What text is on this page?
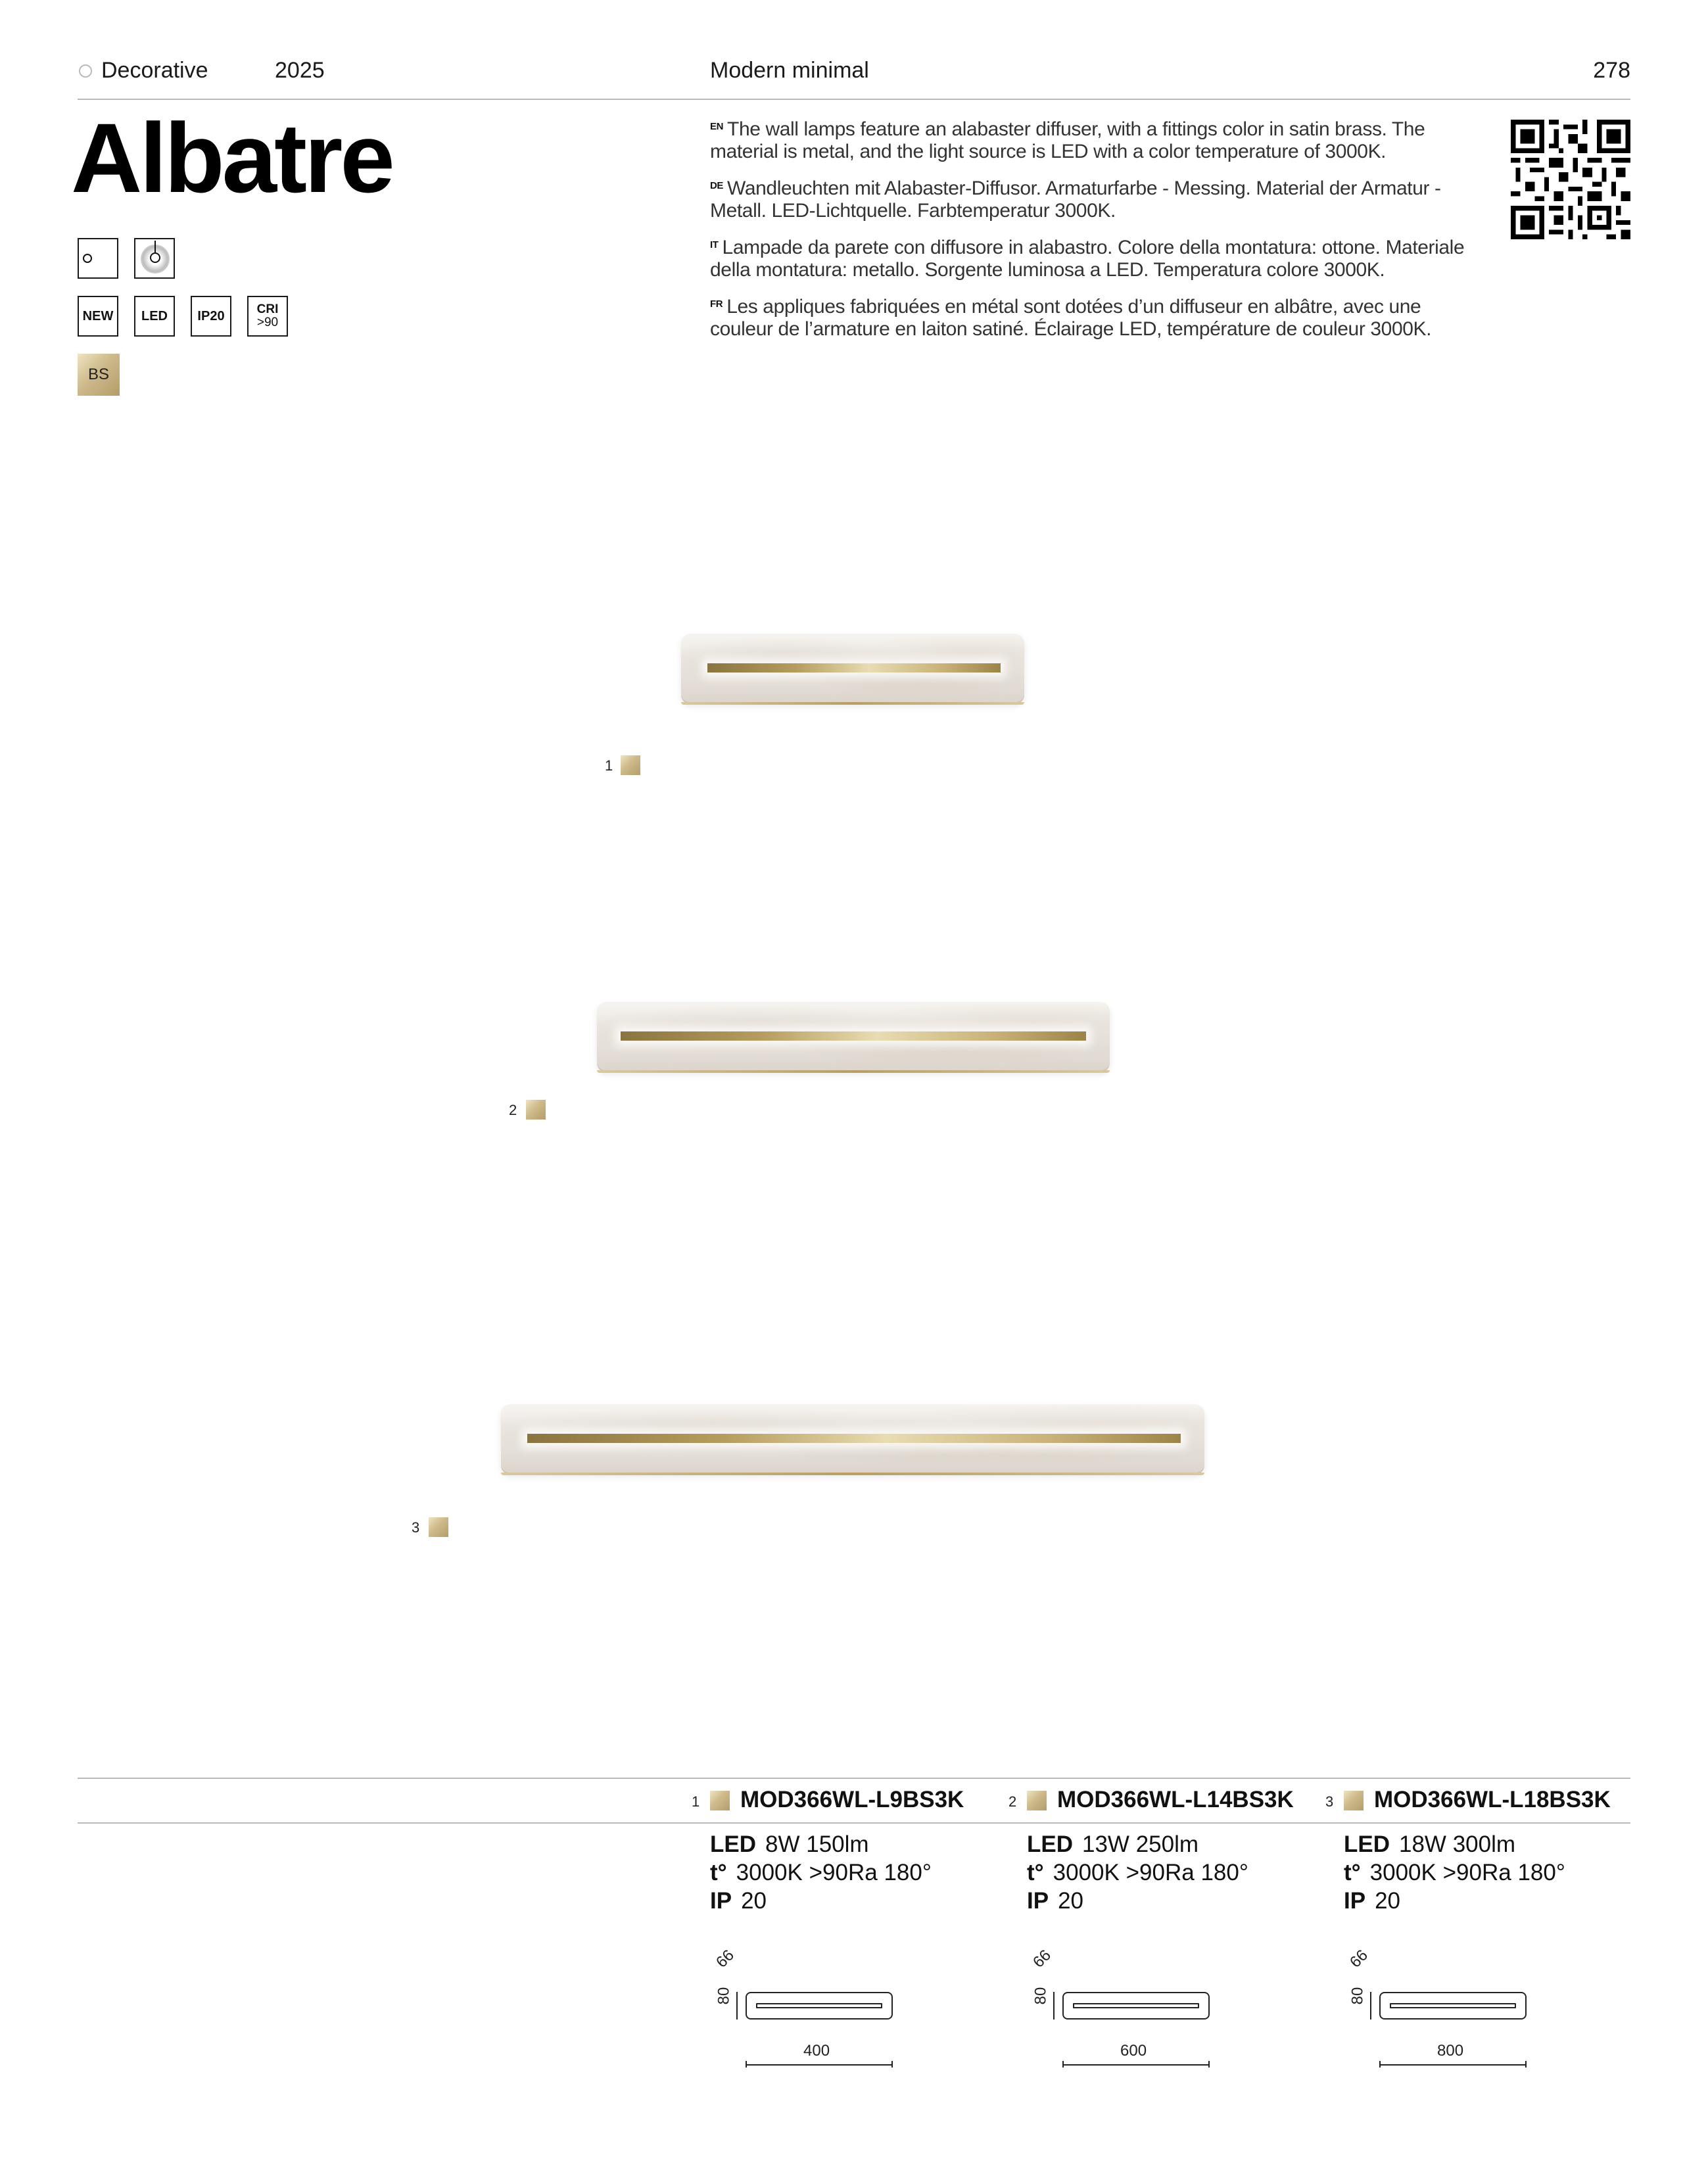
Decorative	2025	Modern minimal	278
Albatre
NEW	LED	IP20	CRI
>90
BS
$^{EN}$ The wall lamps feature an alabaster diffuser, with a fittings color in satin brass. The material is metal, and the light source is LED with a color temperature of 3000K.
$^{DE}$ Wandleuchten mit Alabaster-Diffusor. Armaturfarbe - Messing. Material der Armatur - Metall. LED-Lichtquelle. Farbtemperatur 3000K.
$^{IT}$ Lampade da parete con diffusore in alabastro. Colore della montatura: ottone. Materiale della montatura: metallo. Sorgente luminosa a LED. Temperatura colore 3000K.
$^{FR}$ Les appliques fabriquées en métal sont dotées d’un diffuseur en albâtre, avec une couleur de l’armature en laiton satiné. Éclairage LED, température de couleur 3000K.
1
2
3
1 MOD366WL-L9BS3K
LED 8W 150lm
t° 3000K >90Ra 180°
IP 20
2 MOD366WL-L14BS3K
LED 13W 250lm
t° 3000K >90Ra 180°
IP 20
3 MOD366WL-L18BS3K
LED 18W 300lm
t° 3000K >90Ra 180°
IP 20
66
80
400
66
80
600
66
80
800
